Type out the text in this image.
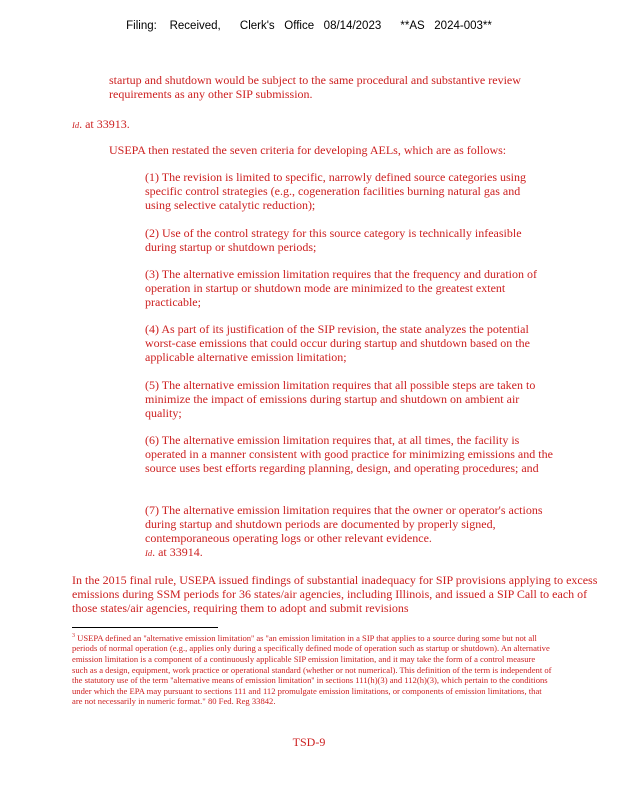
Filing:    Received,      Clerk's   Office   08/14/2023      **AS   2024-003**

startup and shutdown would be subject to the same procedural and substantive review requirements as any other SIP submission.

Id. at 33913.

USEPA then restated the seven criteria for developing AELs, which are as follows:

(1) The revision is limited to specific, narrowly defined source categories using specific control strategies (e.g., cogeneration facilities burning natural gas and using selective catalytic reduction);

(2) Use of the control strategy for this source category is technically infeasible during startup or shutdown periods;

(3) The alternative emission limitation requires that the frequency and duration of operation in startup or shutdown mode are minimized to the greatest extent practicable;

(4) As part of its justification of the SIP revision, the state analyzes the potential worst-case emissions that could occur during startup and shutdown based on the applicable alternative emission limitation;

(5) The alternative emission limitation requires that all possible steps are taken to minimize the impact of emissions during startup and shutdown on ambient air quality;

(6) The alternative emission limitation requires that, at all times, the facility is operated in a manner consistent with good practice for minimizing emissions and the source uses best efforts regarding planning, design, and operating procedures; and

(7) The alternative emission limitation requires that the owner or operator's actions during startup and shutdown periods are documented by properly signed, contemporaneous operating logs or other relevant evidence.

Id. at 33914.

In the 2015 final rule, USEPA issued findings of substantial inadequacy for SIP provisions applying to excess emissions during SSM periods for 36 states/air agencies, including Illinois, and issued a SIP Call to each of those states/air agencies, requiring them to adopt and submit revisions

$^3$ USEPA defined an ''alternative emission limitation'' as ''an emission limitation in a SIP that applies to a source during some but not all periods of normal operation (e.g., applies only during a specifically defined mode of operation such as startup or shutdown). An alternative emission limitation is a component of a continuously applicable SIP emission limitation, and it may take the form of a control measure such as a design, equipment, work practice or operational standard (whether or not numerical). This definition of the term is independent of the statutory use of the term ''alternative means of emission limitation'' in sections 111(h)(3) and 112(h)(3), which pertain to the conditions under which the EPA may pursuant to sections 111 and 112 promulgate emission limitations, or components of emission limitations, that are not necessarily in numeric format." 80 Fed. Reg 33842.

TSD-9
